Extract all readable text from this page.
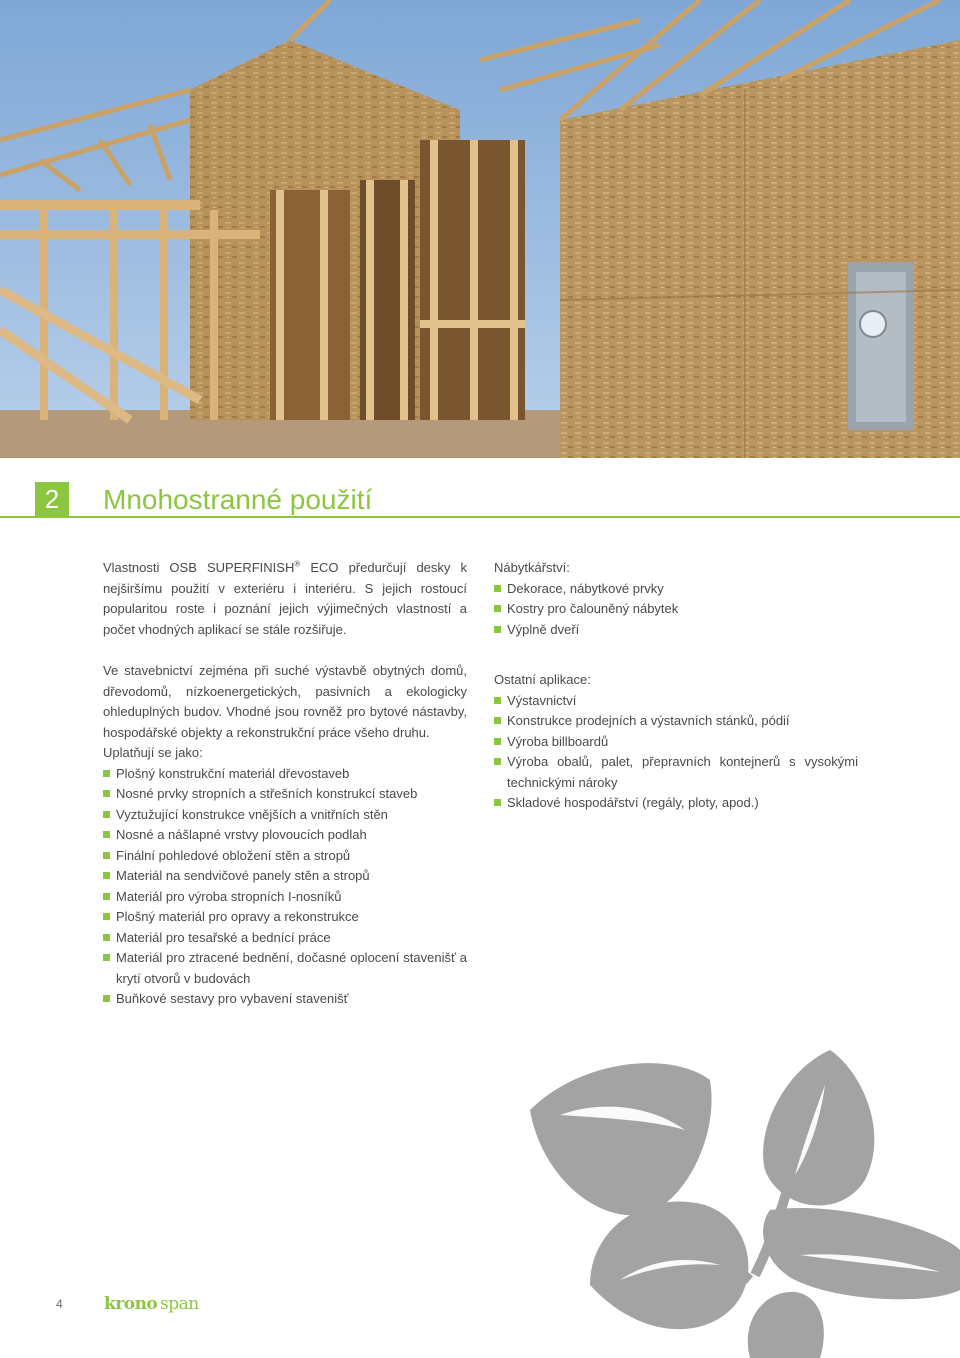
2	Mnohostranné použití

Vlastnosti OSB SUPERFINISH® ECO předurčují desky k nejširšímu použití v exteriéru i interiéru. S jejich rostoucí popularitou roste i poznání jejich výjimečných vlastností a počet vhodných aplikací se stále rozšiřuje.

Ve stavebnictví zejména při suché výstavbě obytných domů, dřevodomů, nízkoenergetických, pasivních a ekologicky ohleduplných budov. Vhodné jsou rovněž pro bytové nástavby, hospodářské objekty a rekonstrukční práce všeho druhu.

Uplatňují se jako:

Plošný konstrukční materiál dřevostaveb
Nosné prvky stropních a střešních konstrukcí staveb
Vyztužující konstrukce vnějších a vnitřních stěn
Nosné a nášlapné vrstvy plovoucích podlah
Finální pohledové obložení stěn a stropů
Materiál na sendvičové panely stěn a stropů
Materiál pro výroba stropních I-nosníků
Plošný materiál pro opravy a rekonstrukce
Materiál pro tesařské a bednící práce
Materiál pro ztracené bednění, dočasné oplocení stavenišť a krytí otvorů v budovách
Buňkové sestavy pro vybavení stavenišť

Nábytkářství:

Dekorace, nábytkové prvky
Kostry pro čalouněný nábytek
Výplně dveří

Ostatní aplikace:

Výstavnictví
Konstrukce prodejních a výstavních stánků, pódií
Výroba billboardů
Výroba obalů, palet, přepravních kontejnerů s vysokými technickými nároky
Skladové hospodářství (regály, ploty, apod.)
4 krono span
